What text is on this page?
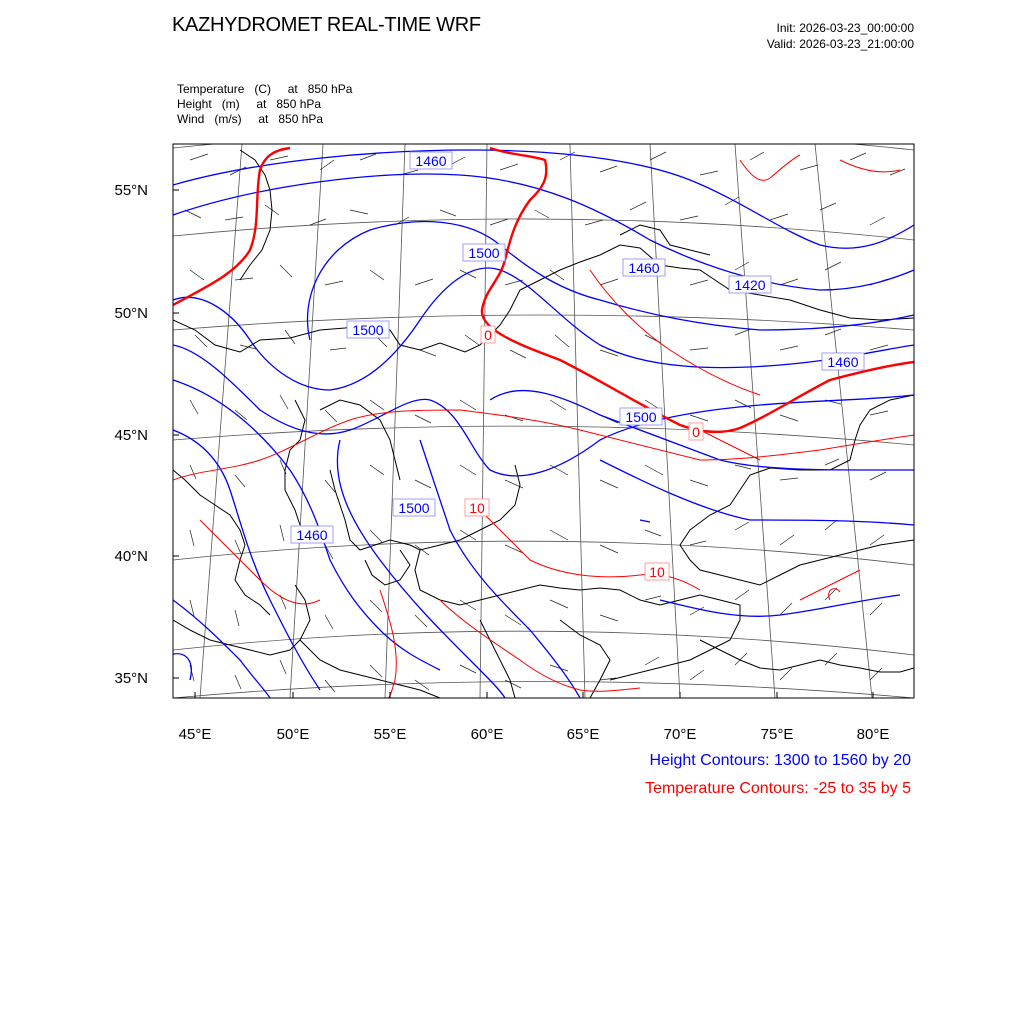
KAZHYDROMET REAL-TIME WRF	Init: 2026-03-23_00:00:00
Valid: 2026-03-23_21:00:00
Temperature   (C)     at   850 hPa
Height   (m)     at   850 hPa
Wind   (m/s)     at   850 hPa
55°N
50°N
45°N
40°N
35°N
45°E	50°E	55°E	60°E	65°E	70°E	75°E	80°E
1460
1500
1460
1420
1500
1460
1500
1500
1460
0
0
10
10
Height Contours: 1300 to 1560 by 20
Temperature Contours: -25 to 35 by 5
